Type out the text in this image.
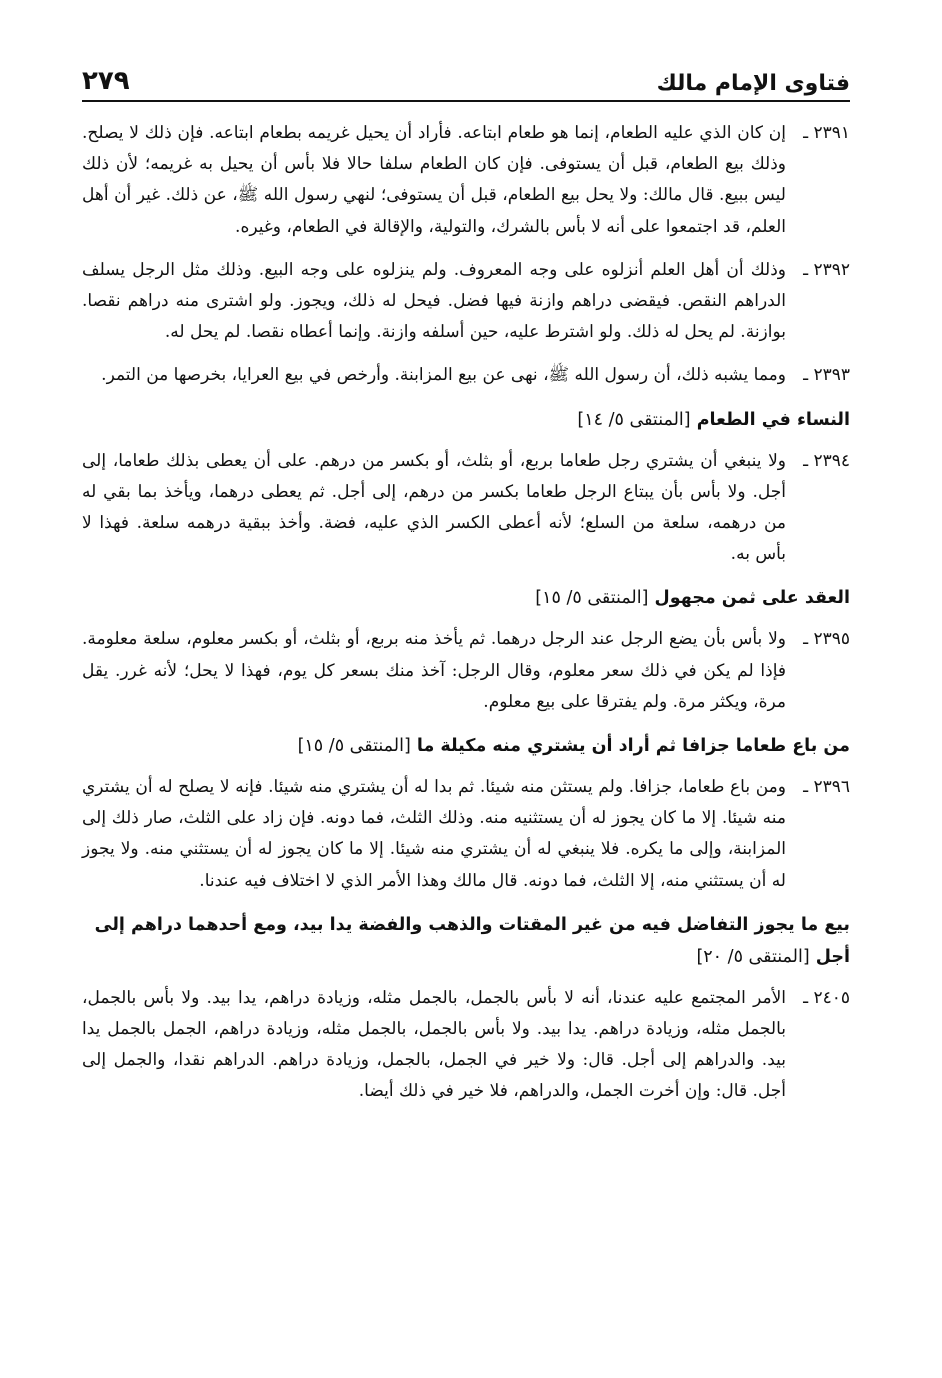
فتاوى الإمام مالك
٢٧٩
٢٣٩١ ـ
إن كان الذي عليه الطعام، إنما هو طعام ابتاعه. فأراد أن يحيل غريمه بطعام ابتاعه. فإن ذلك لا يصلح. وذلك بيع الطعام، قبل أن يستوفى. فإن كان الطعام سلفا حالا فلا بأس أن يحيل به غريمه؛ لأن ذلك ليس ببيع. قال مالك: ولا يحل بيع الطعام، قبل أن يستوفى؛ لنهي رسول الله ﷺ، عن ذلك. غير أن أهل العلم، قد اجتمعوا على أنه لا بأس بالشرك، والتولية، والإقالة في الطعام، وغيره.
٢٣٩٢ ـ
وذلك أن أهل العلم أنزلوه على وجه المعروف. ولم ينزلوه على وجه البيع. وذلك مثل الرجل يسلف الدراهم النقص. فيقضى دراهم وازنة فيها فضل. فيحل له ذلك، ويجوز. ولو اشترى منه دراهم نقصا. بوازنة. لم يحل له ذلك. ولو اشترط عليه، حين أسلفه وازنة. وإنما أعطاه نقصا. لم يحل له.
٢٣٩٣ ـ
ومما يشبه ذلك، أن رسول الله ﷺ، نهى عن بيع المزابنة. وأرخص في بيع العرايا، بخرصها من التمر.
النساء في الطعام [المنتقى ٥/ ١٤]
٢٣٩٤ ـ
ولا ينبغي أن يشتري رجل طعاما بربع، أو بثلث، أو بكسر من درهم. على أن يعطى بذلك طعاما، إلى أجل. ولا بأس بأن يبتاع الرجل طعاما بكسر من درهم، إلى أجل. ثم يعطى درهما، ويأخذ بما بقي له من درهمه، سلعة من السلع؛ لأنه أعطى الكسر الذي عليه، فضة. وأخذ ببقية درهمه سلعة. فهذا لا بأس به.
العقد على ثمن مجهول [المنتقى ٥/ ١٥]
٢٣٩٥ ـ
ولا بأس بأن يضع الرجل عند الرجل درهما. ثم يأخذ منه بربع، أو بثلث، أو بكسر معلوم، سلعة معلومة. فإذا لم يكن في ذلك سعر معلوم، وقال الرجل: آخذ منك بسعر كل يوم، فهذا لا يحل؛ لأنه غرر. يقل مرة، ويكثر مرة. ولم يفترقا على بيع معلوم.
من باع طعاما جزافا ثم أراد أن يشتري منه مكيلة ما [المنتقى ٥/ ١٥]
٢٣٩٦ ـ
ومن باع طعاما، جزافا. ولم يستثن منه شيئا. ثم بدا له أن يشتري منه شيئا. فإنه لا يصلح له أن يشتري منه شيئا. إلا ما كان يجوز له أن يستثنيه منه. وذلك الثلث، فما دونه. فإن زاد على الثلث، صار ذلك إلى المزابنة، وإلى ما يكره. فلا ينبغي له أن يشتري منه شيئا. إلا ما كان يجوز له أن يستثني منه. ولا يجوز له أن يستثني منه، إلا الثلث، فما دونه. قال مالك وهذا الأمر الذي لا اختلاف فيه عندنا.
بيع ما يجوز التفاضل فيه من غير المقتات والذهب والفضة يدا بيد، ومع أحدهما دراهم إلى أجل [المنتقى ٥/ ٢٠]
٢٤٠٥ ـ
الأمر المجتمع عليه عندنا، أنه لا بأس بالجمل، بالجمل مثله، وزيادة دراهم، يدا بيد. ولا بأس بالجمل، بالجمل مثله، وزيادة دراهم. يدا بيد. ولا بأس بالجمل، بالجمل مثله، وزيادة دراهم، الجمل بالجمل يدا بيد. والدراهم إلى أجل. قال: ولا خير في الجمل، بالجمل، وزيادة دراهم. الدراهم نقدا، والجمل إلى أجل. قال: وإن أخرت الجمل، والدراهم، فلا خير في ذلك أيضا.
